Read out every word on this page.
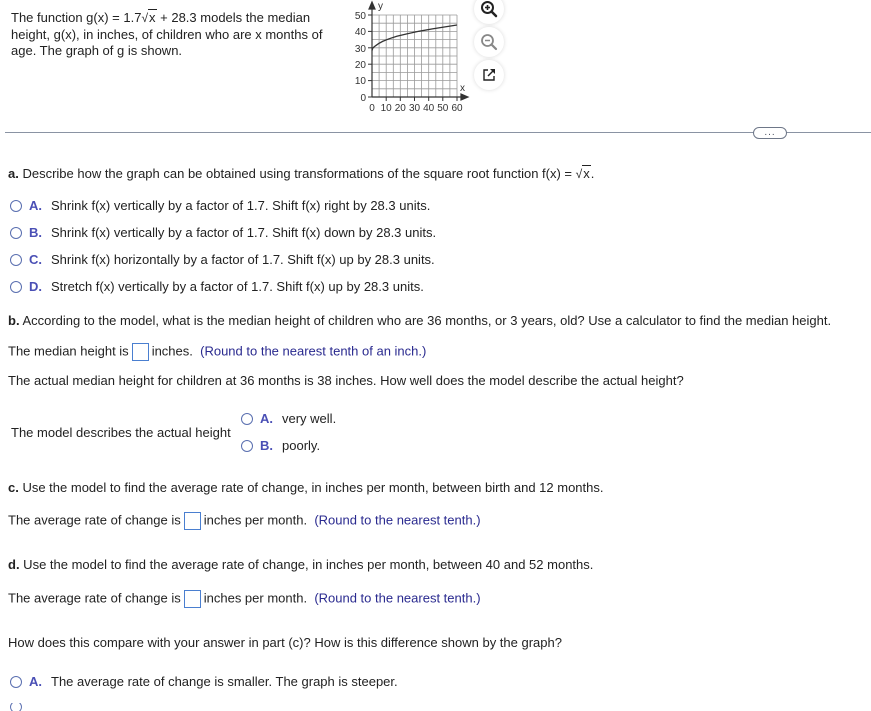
The function g(x) = 1.7√x + 28.3 models the median height, g(x), in inches, of children who are x months of age. The graph of g is shown.
y
x
50
40
30
20
10
0
0 10 20 30 40 50 60
...
a. Describe how the graph can be obtained using transformations of the square root function f(x) = √x.
A. Shrink f(x) vertically by a factor of 1.7. Shift f(x) right by 28.3 units.
B. Shrink f(x) vertically by a factor of 1.7. Shift f(x) down by 28.3 units.
C. Shrink f(x) horizontally by a factor of 1.7. Shift f(x) up by 28.3 units.
D. Stretch f(x) vertically by a factor of 1.7. Shift f(x) up by 28.3 units.
b. According to the model, what is the median height of children who are 36 months, or 3 years, old? Use a calculator to find the median height.
The median height is inches. (Round to the nearest tenth of an inch.)
The actual median height for children at 36 months is 38 inches. How well does the model describe the actual height?
The model describes the actual height
A. very well.
B. poorly.
c. Use the model to find the average rate of change, in inches per month, between birth and 12 months.
The average rate of change is inches per month. (Round to the nearest tenth.)
d. Use the model to find the average rate of change, in inches per month, between 40 and 52 months.
The average rate of change is inches per month. (Round to the nearest tenth.)
How does this compare with your answer in part (c)? How is this difference shown by the graph?
A. The average rate of change is smaller. The graph is steeper.
